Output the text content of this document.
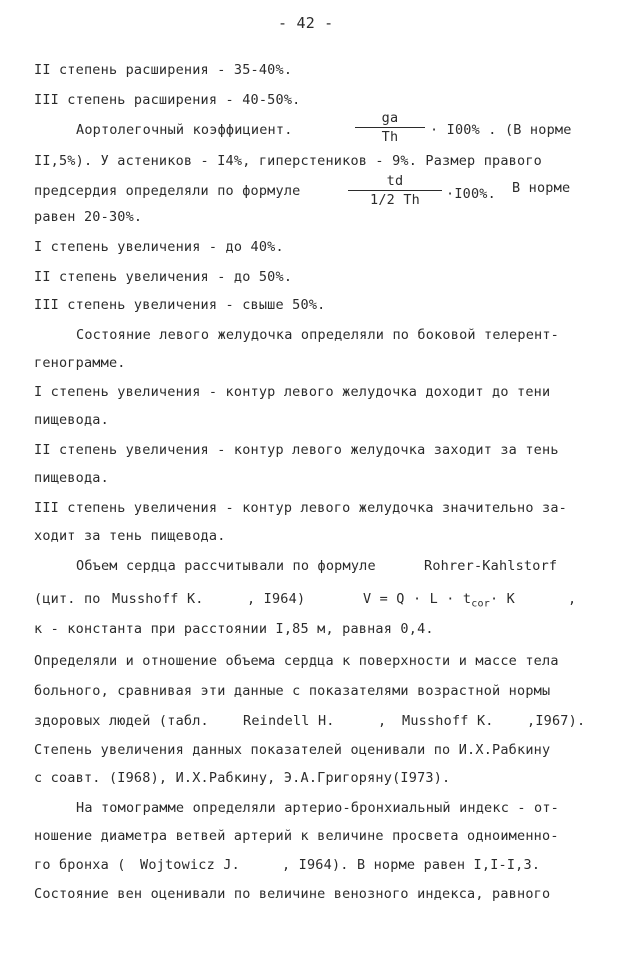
- 42 -
II степень расширения - 35-40%.
III степень расширения - 40-50%.
Аортолегочный коэффициент.
ga
Th	· I00% . (В норме
II,5%). У астеников - I4%, гиперстеников - 9%. Размер правого
предсердия определяли по формуле
td
1/2 Th	·I00%. В норме
равен 20-30%.
I степень увеличения - до 40%.
II степень увеличения - до 50%.
III степень увеличения - свыше 50%.
Состояние левого желудочка определяли по боковой телерент-
генограмме.
I степень увеличения - контур левого желудочка доходит до тени
пищевода.
II степень увеличения - контур левого желудочка заходит за тень
пищевода.
III степень увеличения - контур левого желудочка значительно за-
ходит за тень пищевода.
Объем сердца рассчитывали по формуле	Rohrer-Kahlstorf
(цит. по Musshoff K.	, I964)	$V = Q \cdot L \cdot t_{cor}\cdot K$	,
к - константа при расстоянии I,85 м, равная 0,4.
Определяли и отношение объема сердца к поверхности и массе тела
больного, сравнивая эти данные с показателями возрастной нормы
здоровых людей (табл.	Reindell H.	, Musshoff K. ,I967).
Степень увеличения данных показателей оценивали по И.Х.Рабкину
с соавт. (I968), И.Х.Рабкину, Э.А.Григоряну(I973).
На томограмме определяли артерио-бронхиальный индекс - от-
ношение диаметра ветвей артерий к величине просвета одноименно-
го бронха ( Wojtowicz J.	, I964). В норме равен I,I-I,3.
Состояние вен оценивали по величине венозного индекса, равного
